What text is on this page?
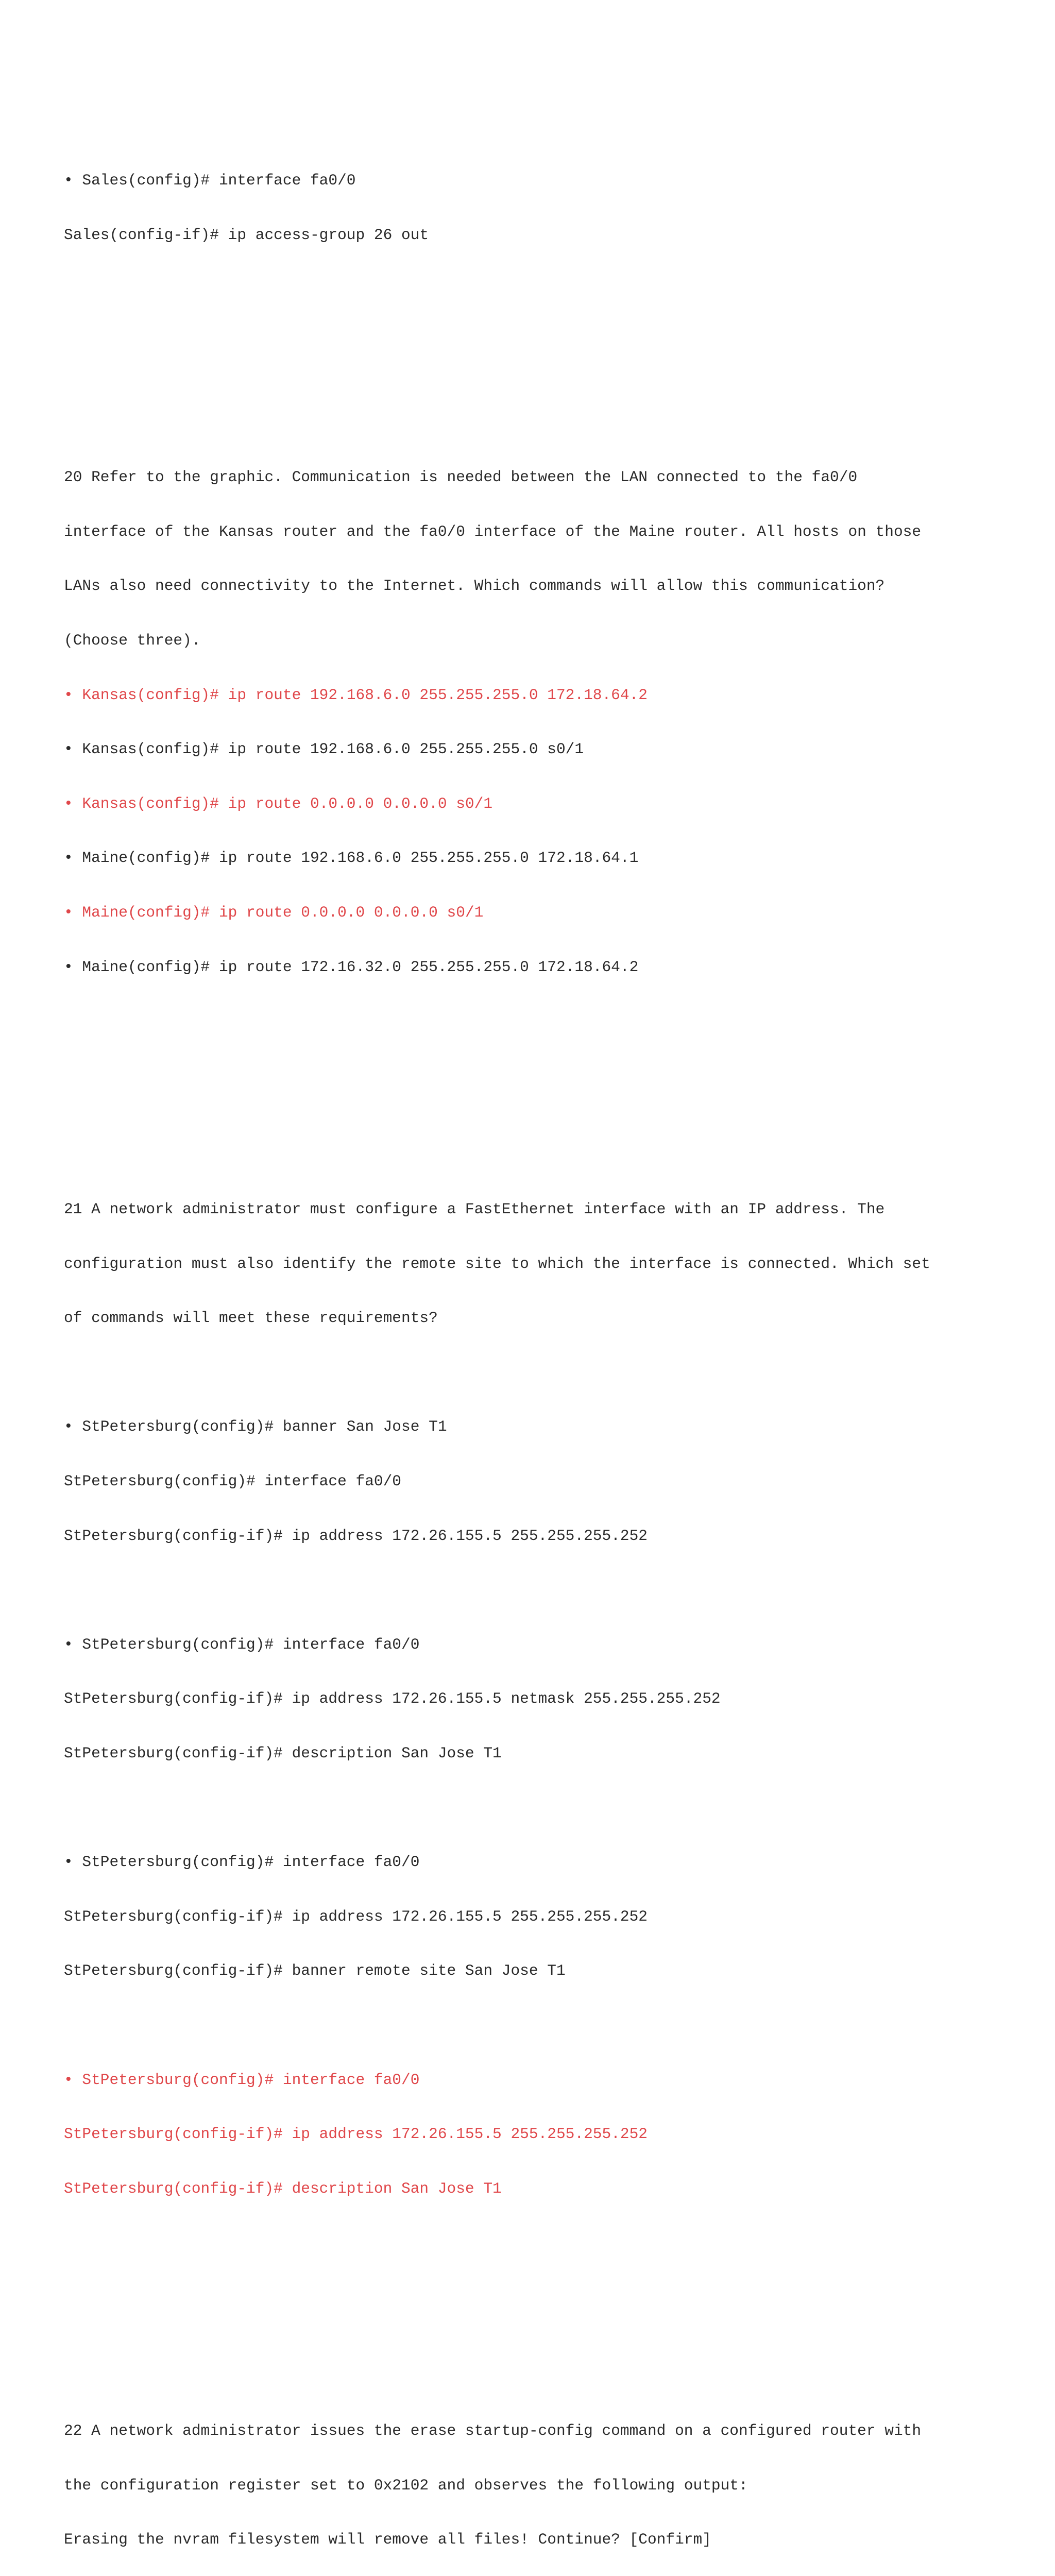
• Sales(config)# interface fa0/0

Sales(config-if)# ip access-group 26 out

20 Refer to the graphic. Communication is needed between the LAN connected to the fa0/0

interface of the Kansas router and the fa0/0 interface of the Maine router. All hosts on those

LANs also need connectivity to the Internet. Which commands will allow this communication?

(Choose three).

• Kansas(config)# ip route 192.168.6.0 255.255.255.0 172.18.64.2

• Kansas(config)# ip route 192.168.6.0 255.255.255.0 s0/1

• Kansas(config)# ip route 0.0.0.0 0.0.0.0 s0/1

• Maine(config)# ip route 192.168.6.0 255.255.255.0 172.18.64.1

• Maine(config)# ip route 0.0.0.0 0.0.0.0 s0/1

• Maine(config)# ip route 172.16.32.0 255.255.255.0 172.18.64.2

21 A network administrator must configure a FastEthernet interface with an IP address. The

configuration must also identify the remote site to which the interface is connected. Which set

of commands will meet these requirements?

• StPetersburg(config)# banner San Jose T1

StPetersburg(config)# interface fa0/0

StPetersburg(config-if)# ip address 172.26.155.5 255.255.255.252

• StPetersburg(config)# interface fa0/0

StPetersburg(config-if)# ip address 172.26.155.5 netmask 255.255.255.252

StPetersburg(config-if)# description San Jose T1

• StPetersburg(config)# interface fa0/0

StPetersburg(config-if)# ip address 172.26.155.5 255.255.255.252

StPetersburg(config-if)# banner remote site San Jose T1

• StPetersburg(config)# interface fa0/0

StPetersburg(config-if)# ip address 172.26.155.5 255.255.255.252

StPetersburg(config-if)# description San Jose T1

22 A network administrator issues the erase startup-config command on a configured router with

the configuration register set to 0x2102 and observes the following output:

Erasing the nvram filesystem will remove all files! Continue? [Confirm]
